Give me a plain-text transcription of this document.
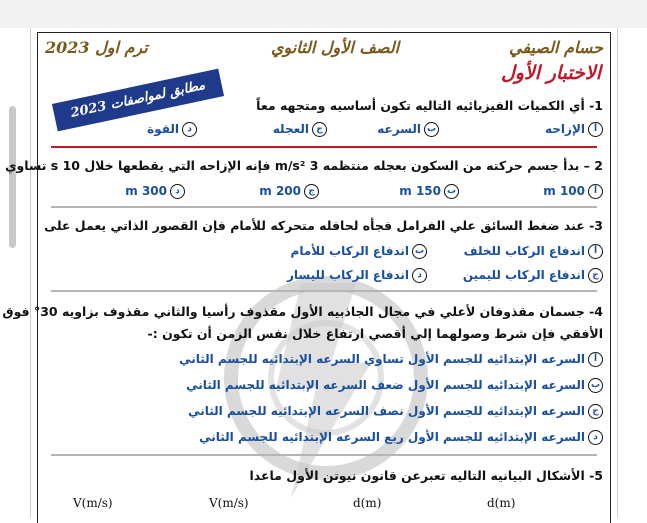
حسام الصيفي
الصف الأول الثانوي
ترم اول 2023
الاختبار الأول
مطابق لمواصفات 2023	1- أي الكميات الفيزيائيه التاليه تكون أساسيه ومتجهه معاً
أالإزاحه
بالسرعه
جالعجله
دالقوة
2 – بدأ جسم حركته من السكون بعجله منتظمه 3 m/s² فإنه الإزاحه التي يقطعها خلال 10 s تساوي
أ100 m
ب150 m
ج200 m
د300 m
3- عند ضغط السائق علي الفرامل فجأه لحافله متحركه للأمام فإن القصور الذاتي يعمل على
أاندفاع الركاب للخلف
باندفاع الركاب للأمام
جاندفاع الركاب لليمين
داندفاع الركاب لليسار
4- جسمان مقذوفان لأعلي في مجال الجاذبيه الأول مقذوف رأسيا والثاني مقذوف بزاويه 30° فوق
الأفقي فإن شرط وصولهما إلي أقصي ارتفاع خلال نفس الزمن أن تكون :-
أالسرعه الإبتدائيه للجسم الأول تساوي السرعه الإبتدائيه للجسم الثاني
بالسرعه الإبتدائيه للجسم الأول ضعف السرعه الإبتدائيه للجسم الثاني
جالسرعه الإبتدائيه للجسم الأول نصف السرعه الإبتدائيه للجسم الثاني
دالسرعه الإبتدائيه للجسم الأول ربع السرعه الإبتدائيه للجسم الثاني
5- الأشكال البيانيه التاليه تعبرعن قانون نيوتن الأول ماعدا
V(m/s)	V(m/s)	d(m)	d(m)
